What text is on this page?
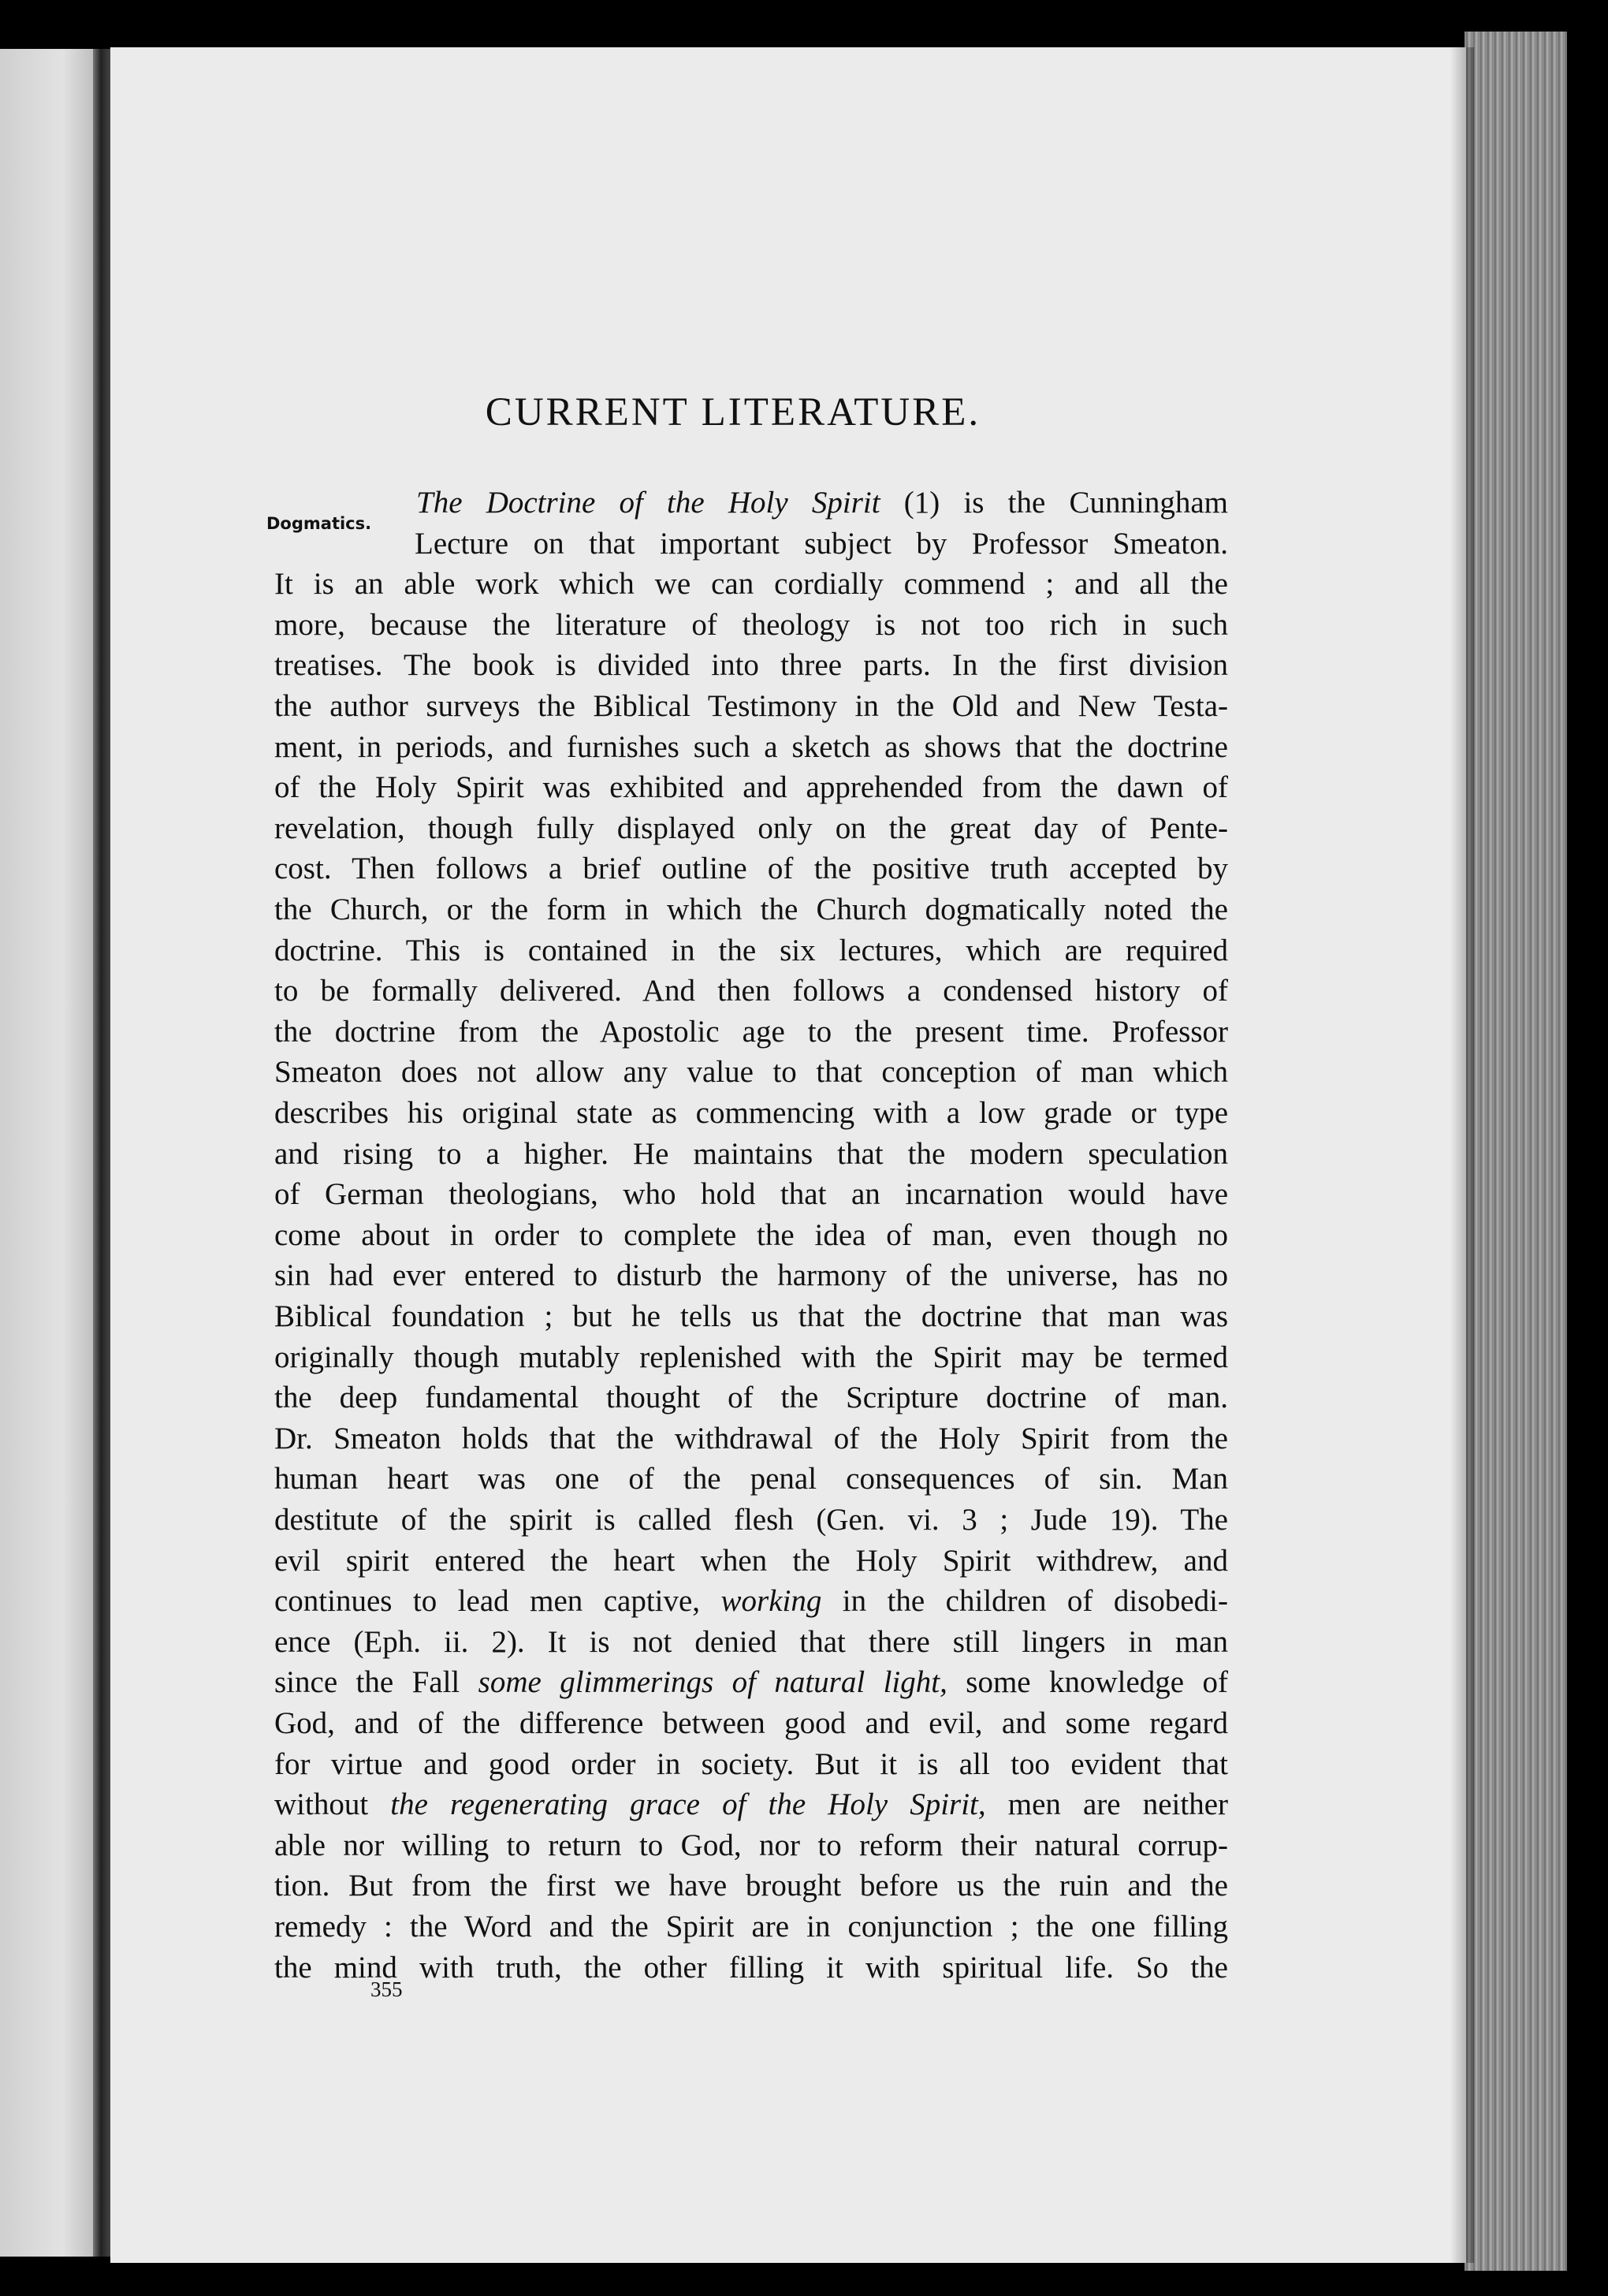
CURRENT LITERATURE.
Dogmatics.
The Doctrine of the Holy Spirit (1) is the Cunningham
Lecture on that important subject by Professor Smeaton.
It is an able work which we can cordially commend ; and all the
more, because the literature of theology is not too rich in such
treatises. The book is divided into three parts. In the first division
the author surveys the Biblical Testimony in the Old and New Testa-
ment, in periods, and furnishes such a sketch as shows that the doctrine
of the Holy Spirit was exhibited and apprehended from the dawn of
revelation, though fully displayed only on the great day of Pente-
cost. Then follows a brief outline of the positive truth accepted by
the Church, or the form in which the Church dogmatically noted the
doctrine. This is contained in the six lectures, which are required
to be formally delivered. And then follows a condensed history of
the doctrine from the Apostolic age to the present time. Professor
Smeaton does not allow any value to that conception of man which
describes his original state as commencing with a low grade or type
and rising to a higher. He maintains that the modern speculation
of German theologians, who hold that an incarnation would have
come about in order to complete the idea of man, even though no
sin had ever entered to disturb the harmony of the universe, has no
Biblical foundation ; but he tells us that the doctrine that man was
originally though mutably replenished with the Spirit may be termed
the deep fundamental thought of the Scripture doctrine of man.
Dr. Smeaton holds that the withdrawal of the Holy Spirit from the
human heart was one of the penal consequences of sin. Man
destitute of the spirit is called flesh (Gen. vi. 3 ; Jude 19). The
evil spirit entered the heart when the Holy Spirit withdrew, and
continues to lead men captive, working in the children of disobedi-
ence (Eph. ii. 2). It is not denied that there still lingers in man
since the Fall some glimmerings of natural light, some knowledge of
God, and of the difference between good and evil, and some regard
for virtue and good order in society. But it is all too evident that
without the regenerating grace of the Holy Spirit, men are neither
able nor willing to return to God, nor to reform their natural corrup-
tion. But from the first we have brought before us the ruin and the
remedy : the Word and the Spirit are in conjunction ; the one filling
the mind with truth, the other filling it with spiritual life. So the
355
